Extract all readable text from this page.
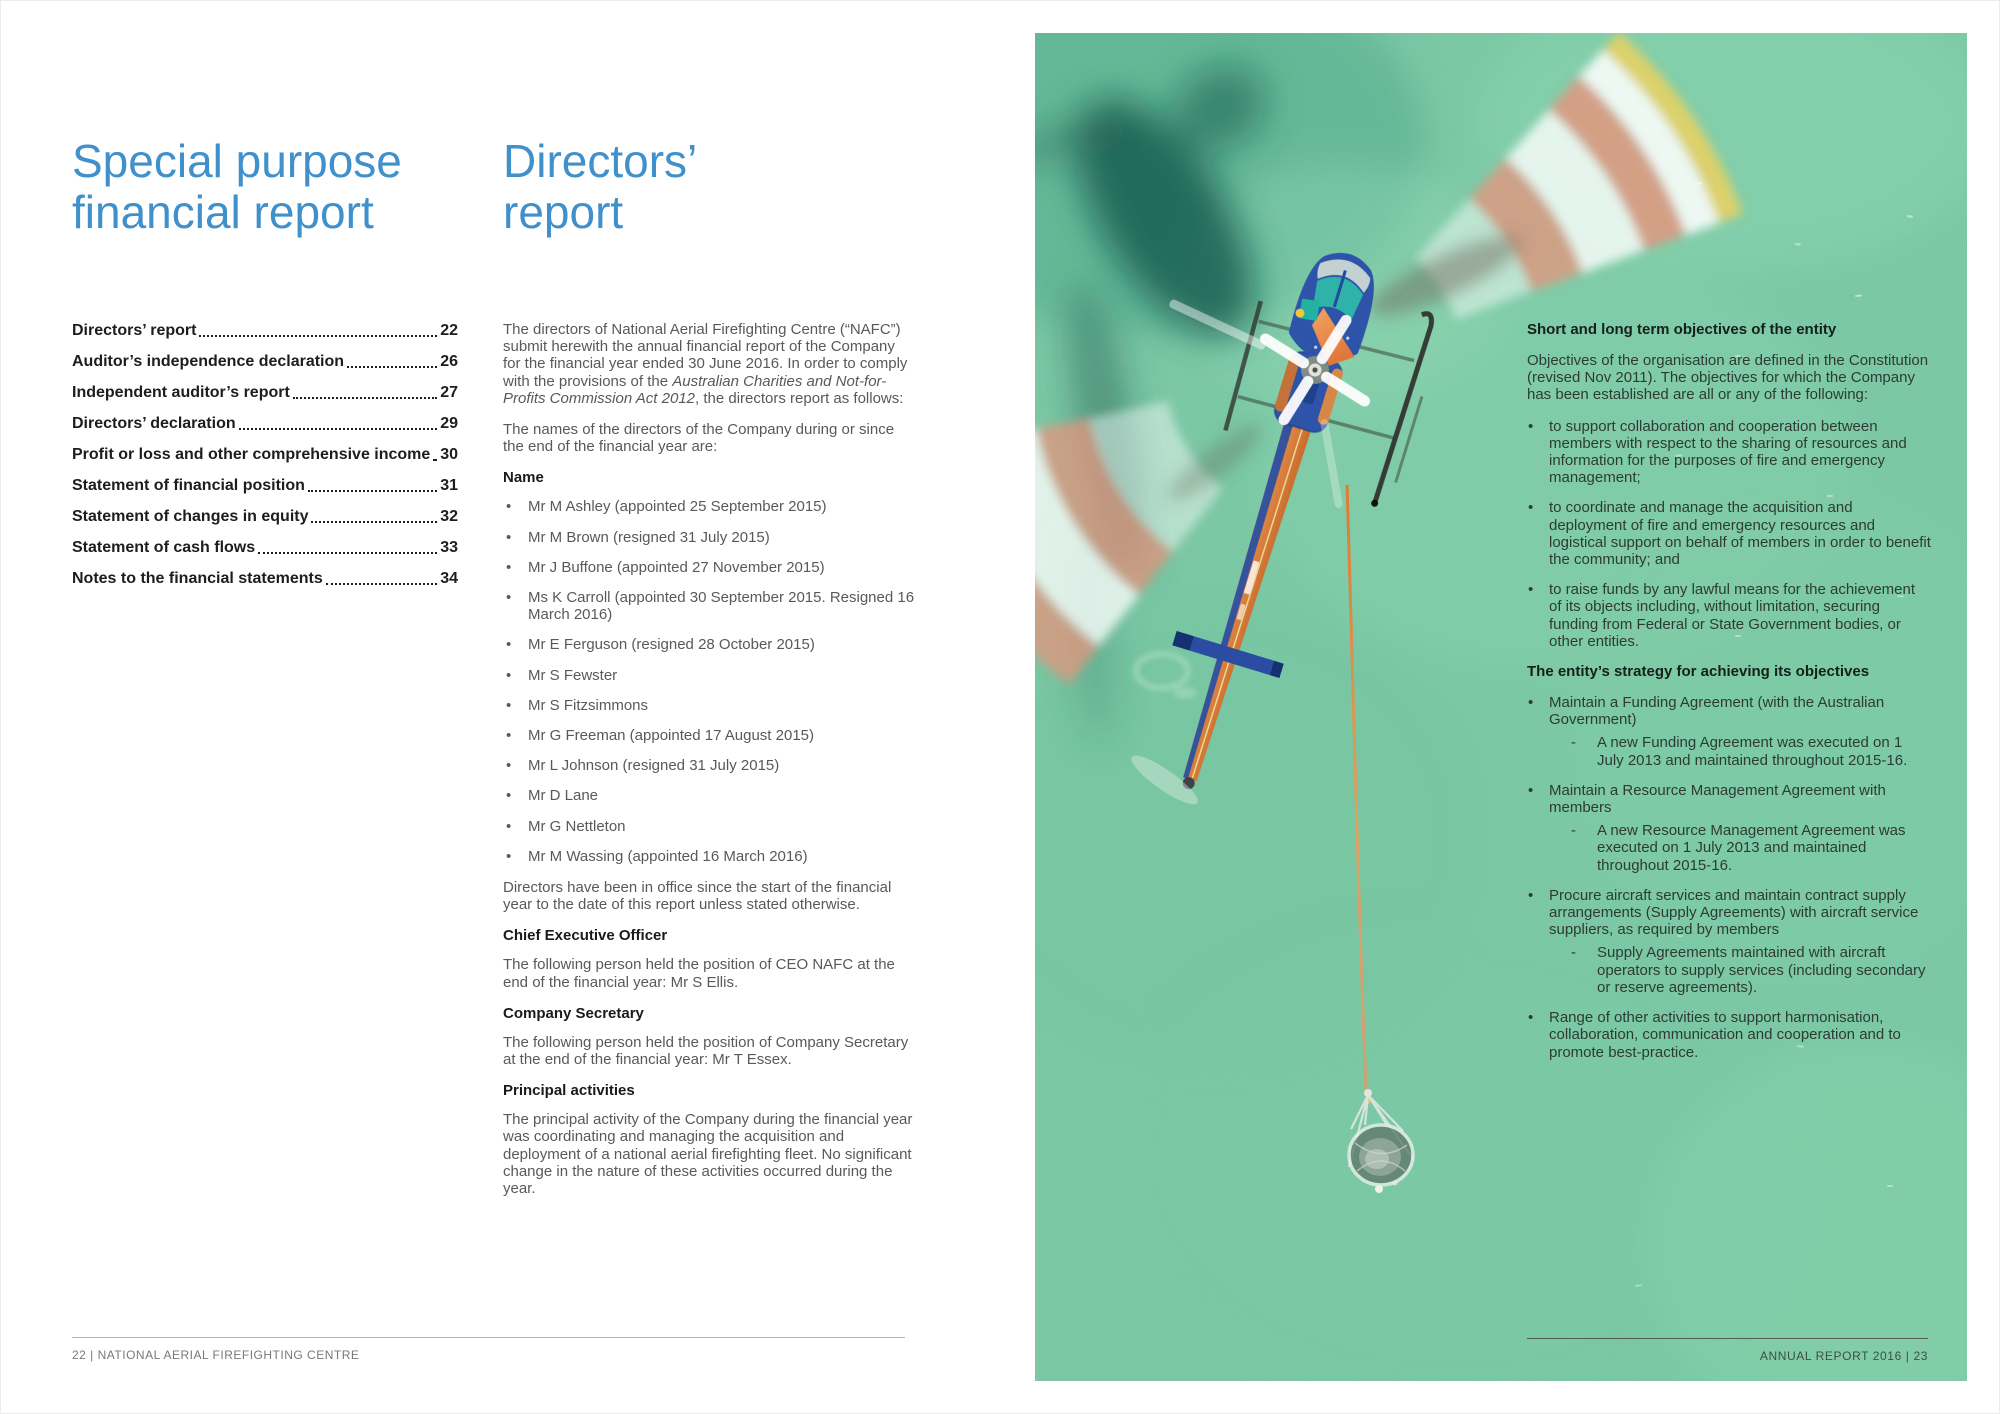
Special purpose
financial report
Directors’ report	22
Auditor’s independence declaration	26
Independent auditor’s report	27
Directors’ declaration	29
Profit or loss and other comprehensive income 30
Statement of financial position	31
Statement of changes in equity	32
Statement of cash flows	33
Notes to the financial statements	34
Directors’
report

The directors of National Aerial Firefighting Centre (“NAFC”) submit herewith the annual financial report of the Company for the financial year ended 30 June 2016. In order to comply with the provisions of the Australian Charities and Not-for-Profits Commission Act 2012, the directors report as follows:

The names of the directors of the Company during or since the end of the financial year are:

Name
• Mr M Ashley (appointed 25 September 2015)
• Mr M Brown (resigned 31 July 2015)
• Mr J Buffone (appointed 27 November 2015)
• Ms K Carroll (appointed 30 September 2015. Resigned 16 March 2016)
• Mr E Ferguson (resigned 28 October 2015)
• Mr S Fewster
• Mr S Fitzsimmons
• Mr G Freeman (appointed 17 August 2015)
• Mr L Johnson (resigned 31 July 2015)
• Mr D Lane
• Mr G Nettleton
• Mr M Wassing (appointed 16 March 2016)

Directors have been in office since the start of the financial year to the date of this report unless stated otherwise.

Chief Executive Officer

The following person held the position of CEO NAFC at the end of the financial year: Mr S Ellis.

Company Secretary

The following person held the position of Company Secretary at the end of the financial year: Mr T Essex.

Principal activities

The principal activity of the Company during the financial year was coordinating and managing the acquisition and deployment of a national aerial firefighting fleet. No significant change in the nature of these activities occurred during the year.

Short and long term objectives of the entity

Objectives of the organisation are defined in the Constitution (revised Nov 2011). The objectives for which the Company has been established are all or any of the following:

• to support collaboration and cooperation between members with respect to the sharing of resources and information for the purposes of fire and emergency management;
• to coordinate and manage the acquisition and deployment of fire and emergency resources and logistical support on behalf of members in order to benefit the community; and
• to raise funds by any lawful means for the achievement of its objects including, without limitation, securing funding from Federal or State Government bodies, or other entities.
The entity’s strategy for achieving its objectives
• Maintain a Funding Agreement (with the Australian Government)
- A new Funding Agreement was executed on 1 July 2013 and maintained throughout 2015-16.
• Maintain a Resource Management Agreement with members
- A new Resource Management Agreement was executed on 1 July 2013 and maintained throughout 2015-16.
• Procure aircraft services and maintain contract supply arrangements (Supply Agreements) with aircraft service suppliers, as required by members
- Supply Agreements maintained with aircraft operators to supply services (including secondary or reserve agreements).
• Range of other activities to support harmonisation, collaboration, communication and cooperation and to promote best-practice.
22 | NATIONAL AERIAL FIREFIGHTING CENTRE	ANNUAL REPORT 2016 | 23
